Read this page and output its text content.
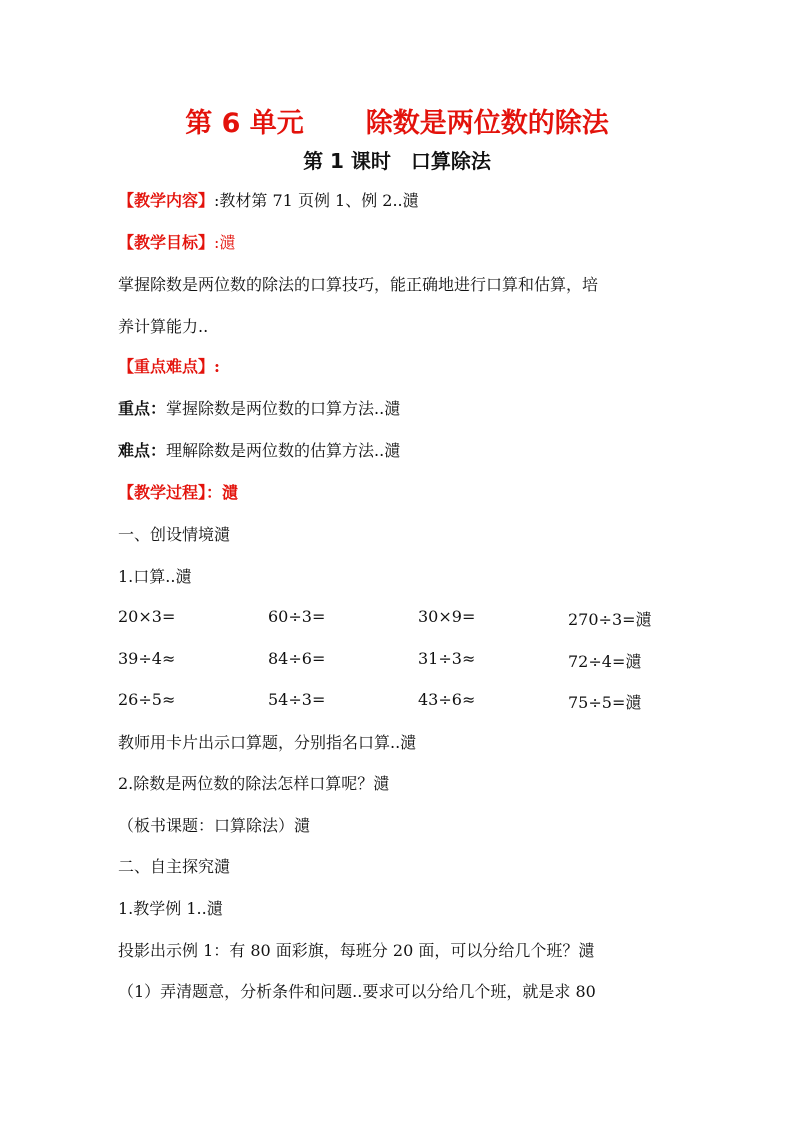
第 6 单元 除数是两位数的除法
第 1 课时 口算除法
【教学内容】:教材第 71 页例 1、例 2..瀢
【教学目标】:瀢
掌握除数是两位数的除法的口算技巧，能正确地进行口算和估算，培
养计算能力..
【重点难点】:
重点：掌握除数是两位数的口算方法..瀢
难点：理解除数是两位数的估算方法..瀢
【教学过程】：瀢
一、创设情境瀢
1.口算..瀢
20×3=	60÷3=	30×9=	270÷3=瀢
39÷4≈	84÷6=	31÷3≈	72÷4=瀢
26÷5≈	54÷3=	43÷6≈	75÷5=瀢
教师用卡片出示口算题，分别指名口算..瀢
2.除数是两位数的除法怎样口算呢？瀢
（板书课题：口算除法）瀢
二、自主探究瀢
1.教学例 1..瀢
投影出示例 1：有 80 面彩旗，每班分 20 面，可以分给几个班？瀢
（1）弄清题意，分析条件和问题..要求可以分给几个班，就是求 80
